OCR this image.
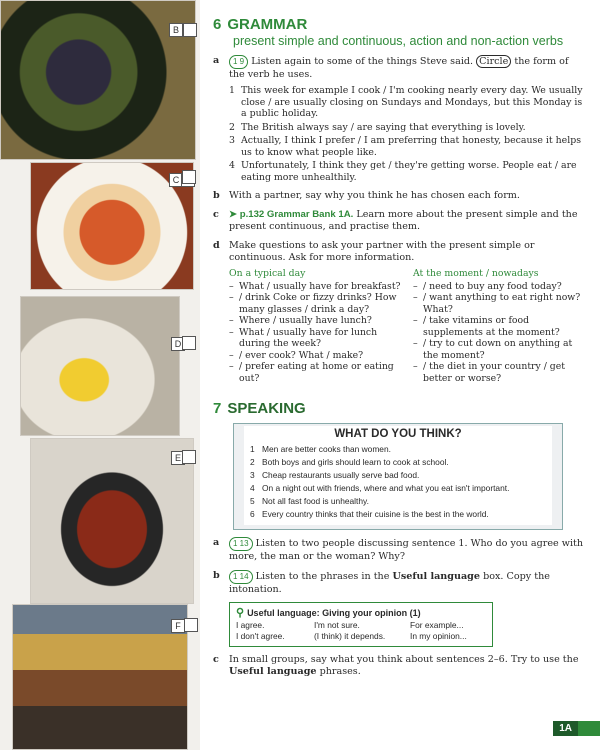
B
C
D
E
F
6 GRAMMAR
present simple and continuous, action and non-action verbs
a	1 9 Listen again to some of the things Steve said. Circle the form of the verb he uses.
1 This week for example I cook / I'm cooking nearly every day. We usually close / are usually closing on Sundays and Mondays, but this Monday is a public holiday.
2 The British always say / are saying that everything is lovely.
3 Actually, I think I prefer / I am preferring that honesty, because it helps us to know what people like.
4 Unfortunately, I think they get / they're getting worse. People eat / are eating more unhealthily.
b With a partner, say why you think he has chosen each form.
c	➤ p.132 Grammar Bank 1A. Learn more about the present simple and the present continuous, and practise them.
d Make questions to ask your partner with the present simple or continuous. Ask for more information.
On a typical day
– What / usually have for breakfast?
– / drink Coke or fizzy drinks? How many glasses / drink a day?
– Where / usually have lunch?
– What / usually have for lunch during the week?
– / ever cook? What / make?
– / prefer eating at home or eating out?
At the moment / nowadays
– / need to buy any food today?
– / want anything to eat right now? What?
– / take vitamins or food supplements at the moment?
– / try to cut down on anything at the moment?
– / the diet in your country / get better or worse?
7 SPEAKING
WHAT DO YOU THINK?
1 Men are better cooks than women.
2 Both boys and girls should learn to cook at school.
3 Cheap restaurants usually serve bad food.
4 On a night out with friends, where and what you eat isn't important.
5 Not all fast food is unhealthy.
6 Every country thinks that their cuisine is the best in the world.
a	1 13 Listen to two people discussing sentence 1. Who do you agree with more, the man or the woman? Why?
b	1 14 Listen to the phrases in the Useful language box. Copy the intonation.
⚲ Useful language: Giving your opinion (1)
I agree.	I'm not sure.	For example...
I don't agree.	(I think) it depends.	In my opinion...
c	In small groups, say what you think about sentences 2–6. Try to use the Useful language phrases.
1A
